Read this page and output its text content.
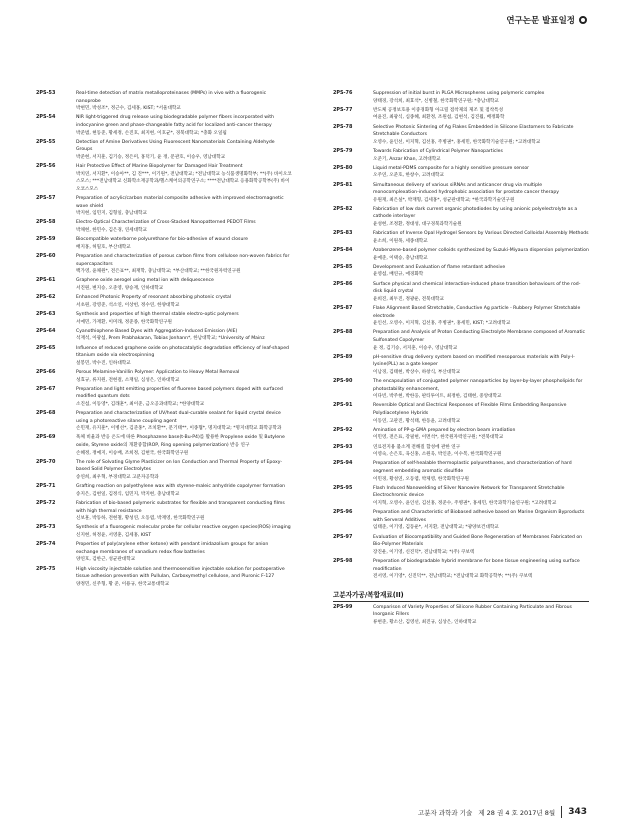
연구논문 발표일정
2PS-53	Real-time detection of matrix metalloproteinases (MMPs) in vivo with a fluorogenic nanoprobe
박현민, 박성조*, 정근수, 김세홍, KIST; *서울대학교
2PS-54	NIR light-triggered drug release using biodegradable polymer fibers incorporated with indocyanine green and phase-changeable fatty acid for localized anti-cancer therapy
박준범, 현동준, 황세정, 손진호, 최지현, 이호균*, 경북대학교; *충화 오일핍
2PS-55	Detection of Amine Derivatives Using Fluorescent Nanomaterials Containing Aldehyde Groups
박준현, 서지훈, 김기승, 정은미, 홍덕기, 윤 정, 문관호, 이승우, 영남대학교
2PS-56	Hair Protective Effect of Marine Biopolymer for Damaged Hair Treatment
박치연, 서지환*, 이승아**, 김 진***, 이기원*, 전남대학교; *전남대학교 농식품생명화학부; **(주) 바이오코스모스; ***전남대학교 신화학소재공학과/헬스케어의공학연구소; ****전남대학교 응용화학공학부(주) 바이오코스모스
2PS-57	Preparation of acrylic/carbon material composite adhesive with improved electromagnetic wave shield
박지현, 임민지, 김형일, 충남대학교
2PS-58	Electro-Optical Characterization of Cross-Stacked Nanopatterned PEDOT Films
박채현, 한민수, 김은경, 연세대학교
2PS-59	Biocompatible waterborne polyurethane for bio-adhesive of wound closure
배지홍, 허밀호, 부산대학교
2PS-60	Preparation and characterization of porous carbon films from cellulose non-woven fabrics for supercapacitors
백가영, 윤채원*, 전은표**, 최재학, 충남대학교; *부산대학교; **한국원자력연구원
2PS-61	Graphene oxide aerogel using metal ion with deliquescence
서진원, 변지승, 오준영, 양승재, 인하대학교
2PS-62	Enhanced Photonic Property of resonant absorbing photonic crystal
서초원, 강영준, 석소연, 이상헌, 정수연, 한양대학교
2PS-63	Synthesis and properties of high thermal stable electro-optic polymers
서예민, 가재환, 이미래, 정준종, 한국화학연구원
2PS-64	Cyanothiophene Based Dyes with Aggregation-Induced Emission (AIE)
석재석, 이광섭, Prem Prabhakaran, Tobias Jonhann*, 한남대학교; *University of Mainz
2PS-65	Influence of reduced graphene oxide on photocatalytic degradation efficiency of leaf-shaped titanium oxide via electrospinning
설봉민, 박수진, 인하대학교
2PS-66	Porous Melamine-Vanillin Polymer: Application to Heavy Metal Removal
성효규, 류지원, 전현걸, 소재일, 심성은, 인하대학교
2PS-67	Preparation and light emitting properties of fluorene based polymers doped with surfaced modified quantum dots
소진섭, 이동영*, 김래훈*, 최이준, 금오공과대학교; *한양대학교
2PS-68	Preparation and characterization of UV/heat dual-curable sealant for liquid crystal device using a photoreactive silane coupling agent
손민재, 유지훈*, 이병선*, 김준홍*, 조치환**, 문기태**, 이종협*, 명지대학교; *명지대학교 화학공학과
2PS-69	흑체 비율과 반응 온도에 따른 Phosphazene base(t-Bu-P4)를 활용한 Propylene oxide 및 Butylene oxide, Styrene oxide의 개환중합(ROP, Ring opening polymerization) 반응 연구
손혜정, 정예지, 이승배, 조희정, 김현국, 한국화학연구원
2PS-70	The role of Solvating Glyme Plasticizer on Ion Conduction and Thermal Property of Epoxy-based Solid Polymer Electrolytes
송연희, 최우혁, 부경대학교 고분자공학과
2PS-71	Grafting reaction on polyethylene wax with styrene-maleic anhydride copolymer formation
송지은, 김현일, 김정식, 임민지, 박지현, 충남대학교
2PS-72	Fabrication of bio-based polymeric substrates for flexible and transparent conducting films with high thermal resistance
신보훈, 박동하, 전현철, 황성연, 오동엽, 박재영, 한국화학연구원
2PS-73	Synthesis of a fluorogenic molecular probe for cellular reactive oxygen species(ROS) imaging
신지현, 허정윤, 서영훈, 김세홍, KIST
2PS-74	Properties of poly(arylene ether ketone) with pendant imidazolium groups for anion exchange membranes of vanadium redox flow batteries
양연호, 김한근, 성균관대학교
2PS-75	High viscosity injectable solution and thermosensitive injectable solution for postoperative tissue adhesion prevention with Pullulan, Carboxymethyl cellulose, and Pluronic F-127
양정민, 신주형, 황 준, 이용규, 한국교통대학교
2PS-76	Suppression of initial burst in PLGA Microspheres using polymeric complex
양태경, 강석희, 최효석*, 신병철, 한국화학연구원; *충남대학교
2PS-77	반도체 공정보호용 이중경화형 아크릴 점착제의 제조 및 점착특성
여윤진, 최광식, 심종혜, 최환정, 조원섭, 김현석, 김진월, 배정화학
2PS-78	Selective Photonic Sintering of Ag Flakes Embedded in Silicone Elastomers to Fabricate Stretchable Conductors
오영수, 윤인선, 이지혁, 김선홍, 주병권*, 홍세민, 한국화학기술연구원; *고려대학교
2PS-79	Towards Fabrication of Cylindrical Polymer Nanoparticles
오준기, Anzar Khan, 고려대학교
2PS-80	Liquid metal-PDMS composite for a highly sensitive pressure sensor
오주연, 오준호, 한창수, 고려대학교
2PS-81	Simultaneous delivery of various siRNAs and anticancer drug via multiple monocomplexation-induced hydrophobic association for prostate cancer therapy
유원재, 최은실*, 박재형, 김세홍*, 성균관대학교; *한국과학기술연구원
2PS-82	Fabrication of low dark current organic photodiodes by using anionic polyelectrolyte as a cathode interlayer
윤성현, 조정환, 정대성, 대구경북과학기술원
2PS-83	Fabrication of Inverse Opal Hydrogel Sensors by Various Directed Colloidal Assembly Methods
윤소희, 이원목, 세종대학교
2PS-84	Azobenzene-based polymer colloids synthesized by Suzuki-Miyaura dispersion polymerization
윤예준, 이택승, 충남대학교
2PS-85	Development and Evaluation of flame retardant adhesive
윤영섭, 배연규, 애경화학
2PS-86	Surface physical and chemical interaction-induced phase transition behaviours of the rod-disk liquid crystal
윤희진, 최두진, 정광운, 전북대학교
2PS-87	Flake Alignment Based Stretchable, Conductive Ag particle - Rubbery Polymer Stretchable electrode
윤인선, 오영수, 이지혁, 김선홍, 주병권*, 홍세민, KIST; *고려대학교
2PS-88	Preparation and Analysis of Proton Conducting Electrolyte Membrane composed of Aromatic Sulfonated Copolymer
윤 정, 김기승, 서지훈, 이승우, 영남대학교
2PS-89	pH-sensitive drug delivery system based on modified mesoporous materials with Poly-l-lysine(PLL) as a gate keeper
이남경, 김태현, 박상수, 하창식, 부산대학교
2PS-90	The encapsulation of conjugated polymer nanoparticles by layer-by-layer phospholipids for photostability enhancement,
이다빈, 박주현, 박한웅, 판티투이트, 최정한, 김태현, 중앙대학교
2PS-91	Reversible Optical and Electrical Responses of Flexible Films Embedding Responsive Polydiacetylene Hybrids
이동연, 고관진, 황석태, 한동윤, 고려대학교
2PS-92	Amination of PP-g-GMA prepared by electron beam irradiation
이민영, 전은표, 강필현, 이면석*, 한국원자력연구원; *전북대학교
2PS-93	연료전지용 불소계 전해질 합성에 관한 연구
이영숙, 손은호, 육신홍, 소원욱, 박인준, 이수복, 한국화학연구원
2PS-94	Preparation of self-healable thermoplastic polyurethanes, and characterization of hard segment embedding aromatic disulfide
이민경, 황성연, 오동엽, 박제영, 한국화학연구원
2PS-95	Flash Induced Nanowelding of Silver Nanowire Network for Transparent Stretchable Electrochromic device
이지혁, 오영수, 윤인선, 김선홍, 정준수, 주병권*, 홍세민, 한국과학기술연구원; *고려대학교
2PS-96	Preparation and Characteristic of Biobased adhesive based on Marine Organism Byproducts with Serveral Additives
임태준, 이기영, 김동운*, 서지환, 전남대학교; *광양보건대학교
2PS-97	Evaluation of Biocompatibility and Guided Bone Regeneration of Membranes Fabricated on Bio-Polymer Materials
장진운, 이기영, 신진덕*, 전남대학교; *(주) 쿠보텍
2PS-98	Preperation of biodegradable hybrid membrane for bone tissue engineering using surface modification
전서영, 이기영*, 신진덕**, 전남대학교; *전남대학교 화학공학부; **(주) 쿠보텍
고분자가공/복합재료(II)
2PS-99	Comparison of Variety Properties of Silicone Rubber Containing Particulate and Fibrous Inorganic Fillers
류현준, 황소산, 김영선, 최진규, 심상은, 인하대학교
고분자 과학과 기술 제 28 권 4 호 2017년 8월 343
